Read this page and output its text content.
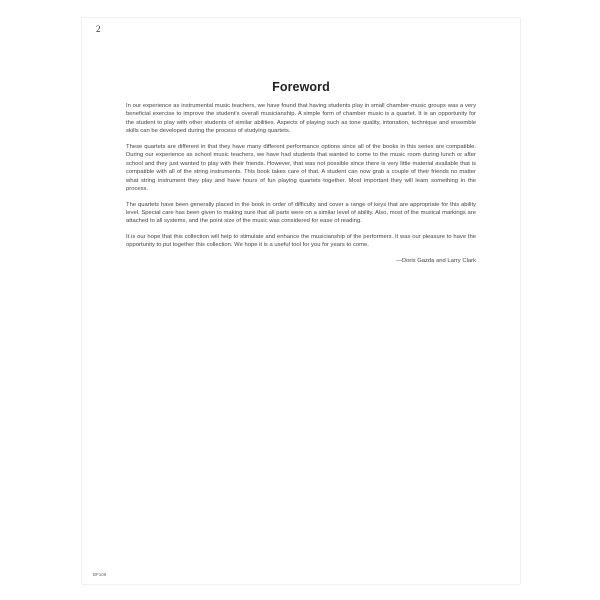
2
Foreword

In our experience as instrumental music teachers, we have found that having students play in small chamber-music groups was a very beneficial exercise to improve the student's overall musicianship. A simple form of chamber music is a quartet. It is an opportunity for the student to play with other students of similar abilities. Aspects of playing such as tone quality, intonation, technique and ensemble skills can be developed during the process of studying quartets.

These quartets are different in that they have many different performance options since all of the books in this series are compatible. During our experience as school music teachers, we have had students that wanted to come to the music room during lunch or after school and they just wanted to play with their friends. However, that was not possible since there is very little material available that is compatible with all of the string instruments. This book takes care of that. A student can now grab a couple of their friends no matter what string instrument they play and have hours of fun playing quartets together. Most important they will learn something in the process.

The quartets have been generally placed in the book in order of difficulty and cover a range of keys that are appropriate for this ability level. Special care has been given to making sure that all parts were on a similar level of ability. Also, most of the musical markings are attached to all systems, and the point size of the music was considered for ease of reading.

It is our hope that this collection will help to stimulate and enhance the musicianship of the performers. It was our pleasure to have the opportunity to put together this collection. We hope it is a useful tool for you for years to come.

—Doris Gazda and Larry Clark
BF109
